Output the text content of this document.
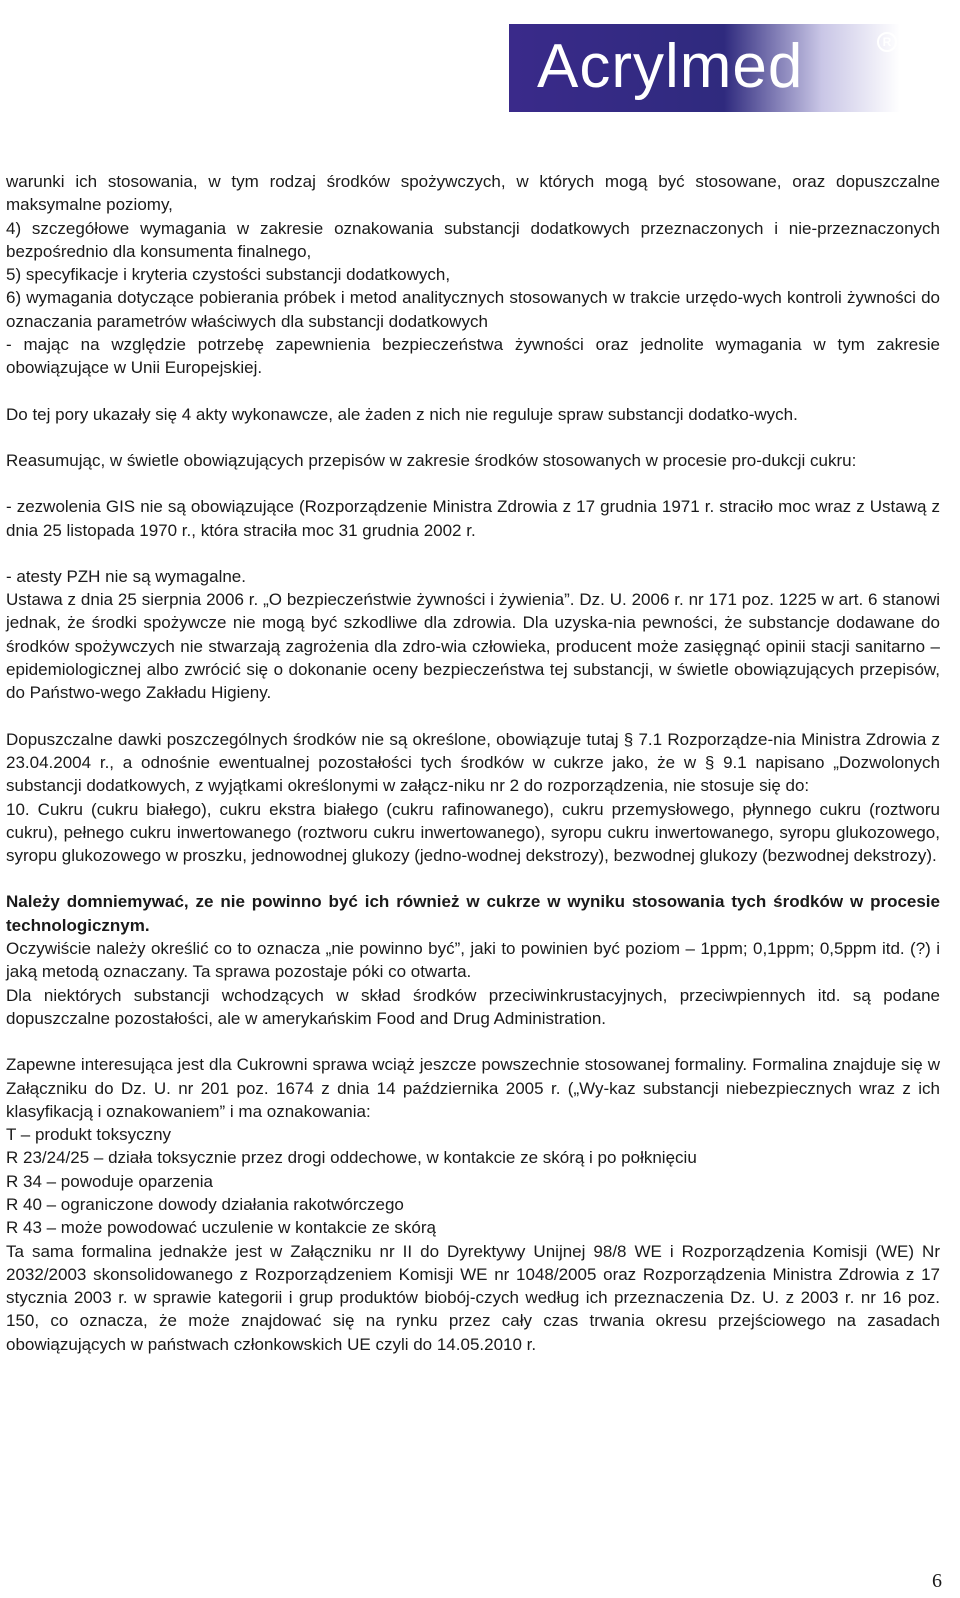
Acrylmed	R

warunki ich stosowania, w tym rodzaj środków spożywczych, w których mogą być stosowane, oraz dopuszczalne maksymalne poziomy,

4) szczegółowe wymagania w zakresie oznakowania substancji dodatkowych przeznaczonych i nie-przeznaczonych bezpośrednio dla konsumenta finalnego,

5) specyfikacje i kryteria czystości substancji dodatkowych,

6) wymagania dotyczące pobierania próbek i metod analitycznych stosowanych w trakcie urzędo-wych kontroli żywności do oznaczania parametrów właściwych dla substancji dodatkowych

- mając na względzie potrzebę zapewnienia bezpieczeństwa żywności oraz jednolite wymagania w tym zakresie obowiązujące w Unii Europejskiej.

Do tej pory ukazały się 4 akty wykonawcze, ale żaden z nich nie reguluje spraw substancji dodatko-wych.

Reasumując, w świetle obowiązujących przepisów w zakresie środków stosowanych w procesie pro-dukcji cukru:

- zezwolenia GIS nie są obowiązujące (Rozporządzenie Ministra Zdrowia z 17 grudnia 1971 r. straciło moc wraz z Ustawą z dnia 25 listopada 1970 r., która straciła moc 31 grudnia 2002 r.

- atesty PZH nie są wymagalne.

Ustawa z dnia 25 sierpnia 2006 r. „O bezpieczeństwie żywności i żywienia”. Dz. U. 2006 r. nr 171 poz. 1225 w art. 6 stanowi jednak, że środki spożywcze nie mogą być szkodliwe dla zdrowia. Dla uzyska-nia pewności, że substancje dodawane do środków spożywczych nie stwarzają zagrożenia dla zdro-wia człowieka, producent może zasięgnąć opinii stacji sanitarno – epidemiologicznej albo zwrócić się o dokonanie oceny bezpieczeństwa tej substancji, w świetle obowiązujących przepisów, do Państwo-wego Zakładu Higieny.

Dopuszczalne dawki poszczególnych środków nie są określone, obowiązuje tutaj § 7.1 Rozporządze-nia Ministra Zdrowia z 23.04.2004 r., a odnośnie ewentualnej pozostałości tych środków w cukrze jako, że w § 9.1 napisano „Dozwolonych substancji dodatkowych, z wyjątkami określonymi w załącz-niku nr 2 do rozporządzenia, nie stosuje się do:

10. Cukru (cukru białego), cukru ekstra białego (cukru rafinowanego), cukru przemysłowego, płynnego cukru (roztworu cukru), pełnego cukru inwertowanego (roztworu cukru inwertowanego), syropu cukru inwertowanego, syropu glukozowego, syropu glukozowego w proszku, jednowodnej glukozy (jedno-wodnej dekstrozy), bezwodnej glukozy (bezwodnej dekstrozy).

Należy domniemywać, ze nie powinno być ich również w cukrze w wyniku stosowania tych środków w procesie technologicznym.

Oczywiście należy określić co to oznacza „nie powinno być”, jaki to powinien być poziom – 1ppm; 0,1ppm; 0,5ppm itd. (?) i jaką metodą oznaczany. Ta sprawa pozostaje póki co otwarta.

Dla niektórych substancji wchodzących w skład środków przeciwinkrustacyjnych, przeciwpiennych itd. są podane dopuszczalne pozostałości, ale w amerykańskim Food and Drug Administration.

Zapewne interesująca jest dla Cukrowni sprawa wciąż jeszcze powszechnie stosowanej formaliny. Formalina znajduje się w Załączniku do Dz. U. nr 201 poz. 1674 z dnia 14 października 2005 r. („Wy-kaz substancji niebezpiecznych wraz z ich klasyfikacją i oznakowaniem” i ma oznakowania:

T – produkt toksyczny

R 23/24/25 – działa toksycznie przez drogi oddechowe, w kontakcie ze skórą i po połknięciu

R 34 – powoduje oparzenia

R 40 – ograniczone dowody działania rakotwórczego

R 43 – może powodować uczulenie w kontakcie ze skórą

Ta sama formalina jednakże jest w Załączniku nr II do Dyrektywy Unijnej 98/8 WE i Rozporządzenia Komisji (WE) Nr 2032/2003 skonsolidowanego z Rozporządzeniem Komisji WE nr 1048/2005 oraz Rozporządzenia Ministra Zdrowia z 17 stycznia 2003 r. w sprawie kategorii i grup produktów biobój-czych według ich przeznaczenia Dz. U. z 2003 r. nr 16 poz. 150, co oznacza, że może znajdować się na rynku przez cały czas trwania okresu przejściowego na zasadach obowiązujących w państwach członkowskich UE czyli do 14.05.2010 r.

6
